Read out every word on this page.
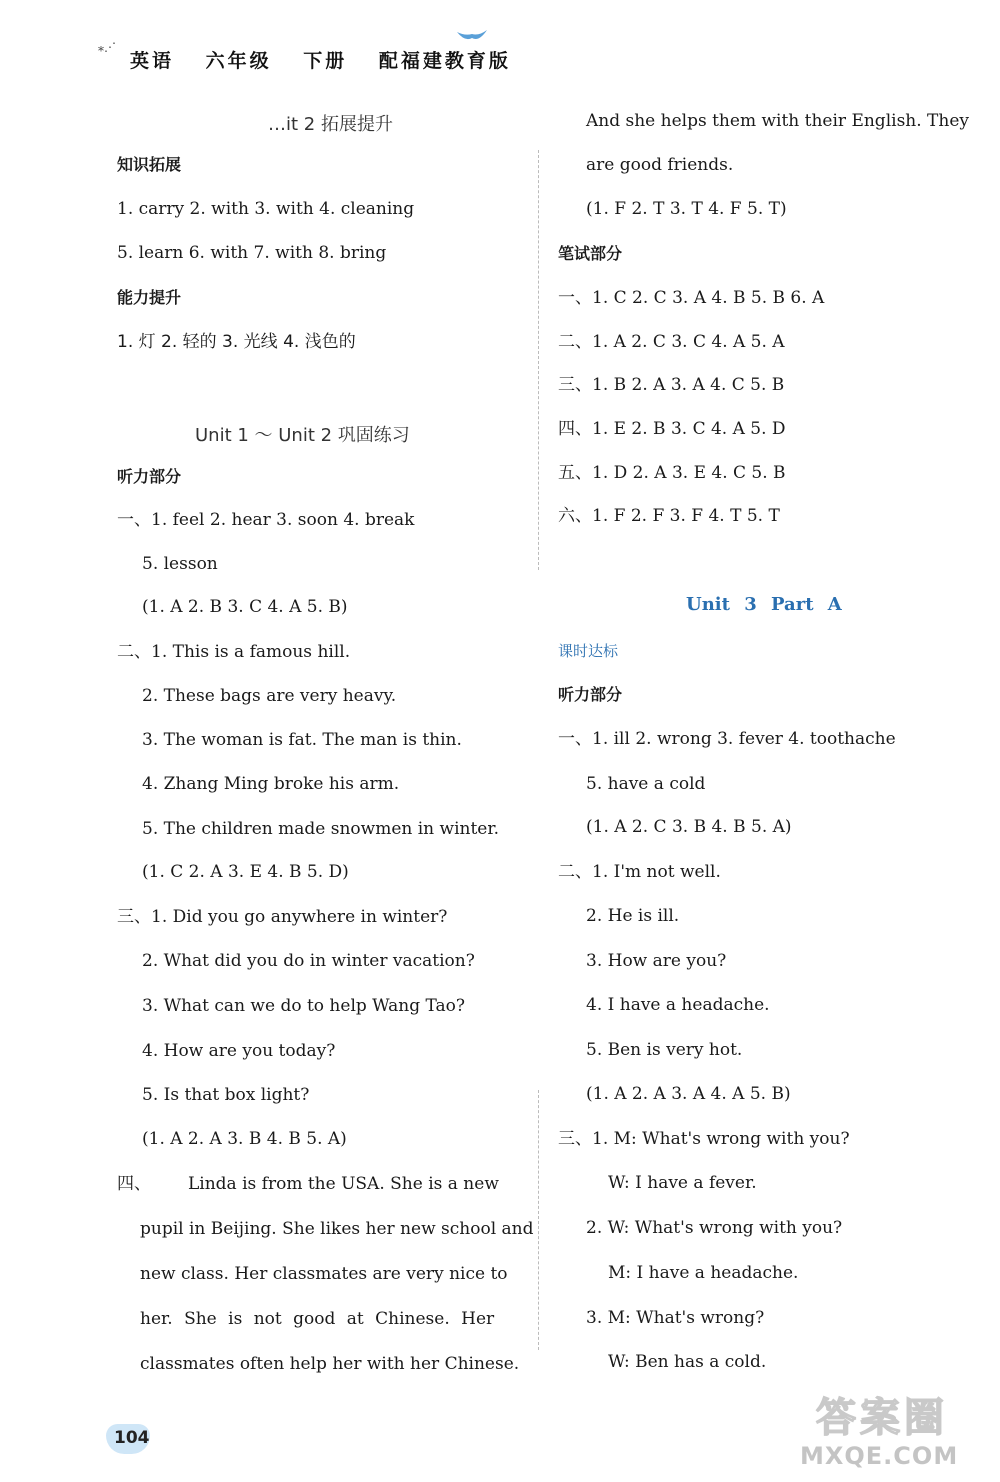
⁎⋰
英语 六年级 下册 配福建教育版
…it 2 拓展提升
知识拓展
1. carry 2. with 3. with 4. cleaning
5. learn 6. with 7. with 8. bring
能力提升
1. 灯 2. 轻的 3. 光线 4. 浅色的
Unit 1 ～ Unit 2 巩固练习
听力部分
一、1. feel 2. hear 3. soon 4. break
5. lesson
(1. A 2. B 3. C 4. A 5. B)
二、1. This is a famous hill.
2. These bags are very heavy.
3. The woman is fat. The man is thin.
4. Zhang Ming broke his arm.
5. The children made snowmen in winter.
(1. C 2. A 3. E 4. B 5. D)
三、1. Did you go anywhere in winter?
2. What did you do in winter vacation?
3. What can we do to help Wang Tao?
4. How are you today?
5. Is that box light?
(1. A 2. A 3. B 4. B 5. A)
四、 Linda is from the USA. She is a new
pupil in Beijing. She likes her new school and
new class. Her classmates are very nice to
her. She is not good at Chinese. Her
classmates often help her with her Chinese.
And she helps them with their English. They
are good friends.
(1. F 2. T 3. T 4. F 5. T)
笔试部分
一、1. C 2. C 3. A 4. B 5. B 6. A
二、1. A 2. C 3. C 4. A 5. A
三、1. B 2. A 3. A 4. C 5. B
四、1. E 2. B 3. C 4. A 5. D
五、1. D 2. A 3. E 4. C 5. B
六、1. F 2. F 3. F 4. T 5. T
Unit 3 Part A
课时达标
听力部分
一、1. ill 2. wrong 3. fever 4. toothache
5. have a cold
(1. A 2. C 3. B 4. B 5. A)
二、1. I'm not well.
2. He is ill.
3. How are you?
4. I have a headache.
5. Ben is very hot.
(1. A 2. A 3. A 4. A 5. B)
三、1. M: What's wrong with you?
W: I have a fever.
2. W: What's wrong with you?
M: I have a headache.
3. M: What's wrong?
W: Ben has a cold.
104	答案圈
MXQE.COM
